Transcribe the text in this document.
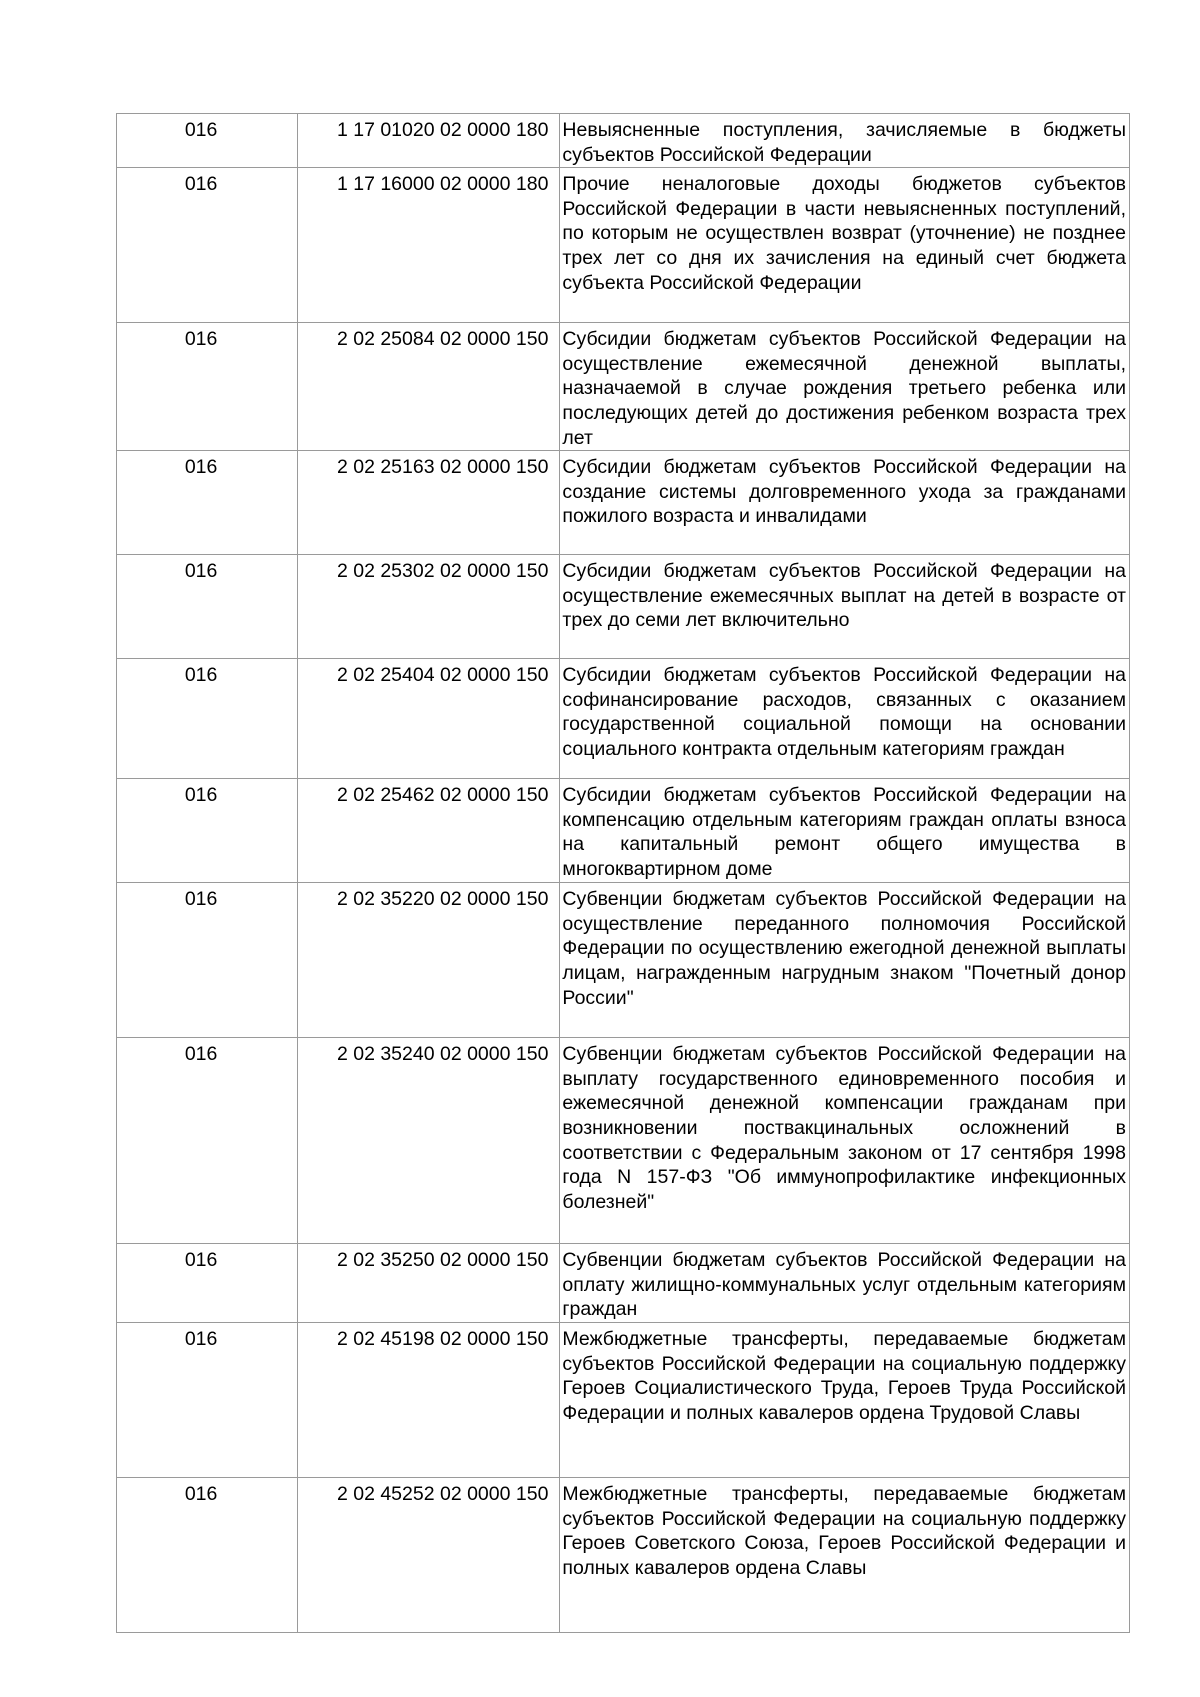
016	1 17 01020 02 0000 180	Невыясненные поступления, зачисляемые в бюджеты субъектов Российской Федерации
016	1 17 16000 02 0000 180	Прочие неналоговые доходы бюджетов субъектов Российской Федерации в части невыясненных поступлений, по которым не осуществлен возврат (уточнение) не позднее трех лет со дня их зачисления на единый счет бюджета субъекта Российской Федерации
016	2 02 25084 02 0000 150	Субсидии бюджетам субъектов Российской Федерации на осуществление ежемесячной денежной выплаты, назначаемой в случае рождения третьего ребенка или последующих детей до достижения ребенком возраста трех лет
016	2 02 25163 02 0000 150	Субсидии бюджетам субъектов Российской Федерации на создание системы долговременного ухода за гражданами пожилого возраста и инвалидами
016	2 02 25302 02 0000 150	Субсидии бюджетам субъектов Российской Федерации на осуществление ежемесячных выплат на детей в возрасте от трех до семи лет включительно
016	2 02 25404 02 0000 150	Субсидии бюджетам субъектов Российской Федерации на софинансирование расходов, связанных с оказанием государственной социальной помощи на основании социального контракта отдельным категориям граждан
016	2 02 25462 02 0000 150	Субсидии бюджетам субъектов Российской Федерации на компенсацию отдельным категориям граждан оплаты взноса на капитальный ремонт общего имущества в многоквартирном доме
016	2 02 35220 02 0000 150	Субвенции бюджетам субъектов Российской Федерации на осуществление переданного полномочия Российской Федерации по осуществлению ежегодной денежной выплаты лицам, награжденным нагрудным знаком "Почетный донор России"
016	2 02 35240 02 0000 150	Субвенции бюджетам субъектов Российской Федерации на выплату государственного единовременного пособия и ежемесячной денежной компенсации гражданам при возникновении поствакцинальных осложнений в соответствии с Федеральным законом от 17 сентября 1998 года N 157-ФЗ "Об иммунопрофилактике инфекционных болезней"
016	2 02 35250 02 0000 150	Субвенции бюджетам субъектов Российской Федерации на оплату жилищно-коммунальных услуг отдельным категориям граждан
016	2 02 45198 02 0000 150	Межбюджетные трансферты, передаваемые бюджетам субъектов Российской Федерации на социальную поддержку Героев Социалистического Труда, Героев Труда Российской Федерации и полных кавалеров ордена Трудовой Славы
016	2 02 45252 02 0000 150	Межбюджетные трансферты, передаваемые бюджетам субъектов Российской Федерации на социальную поддержку Героев Советского Союза, Героев Российской Федерации и полных кавалеров ордена Славы
